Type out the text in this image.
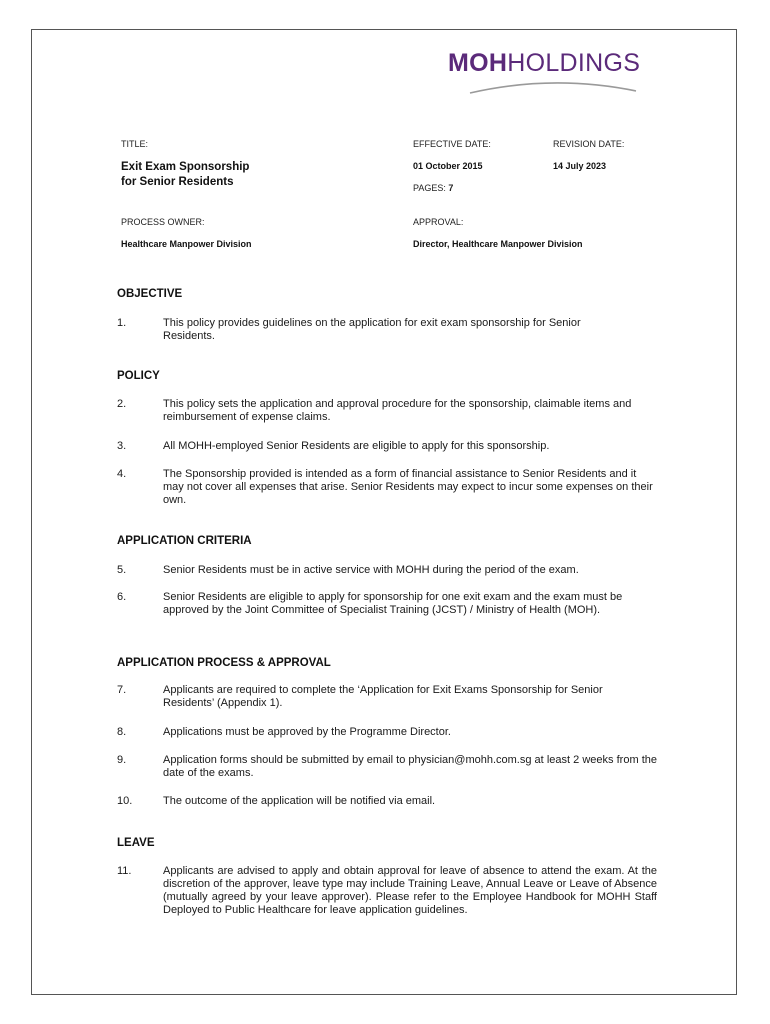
MOHHOLDINGS
TITLE:
Exit Exam Sponsorship
for Senior Residents
EFFECTIVE DATE:
01 October 2015
PAGES: 7
REVISION DATE:
14 July 2023
PROCESS OWNER:
Healthcare Manpower Division
APPROVAL:
Director, Healthcare Manpower Division
OBJECTIVE
1.	This policy provides guidelines on the application for exit exam sponsorship for Senior Residents.
POLICY
2.	This policy sets the application and approval procedure for the sponsorship, claimable items and reimbursement of expense claims.
3.	All MOHH-employed Senior Residents are eligible to apply for this sponsorship.
4.	The Sponsorship provided is intended as a form of financial assistance to Senior Residents and it may not cover all expenses that arise. Senior Residents may expect to incur some expenses on their own.
APPLICATION CRITERIA
5.	Senior Residents must be in active service with MOHH during the period of the exam.
6.	Senior Residents are eligible to apply for sponsorship for one exit exam and the exam must be approved by the Joint Committee of Specialist Training (JCST) / Ministry of Health (MOH).
APPLICATION PROCESS & APPROVAL
7.	Applicants are required to complete the ‘Application for Exit Exams Sponsorship for Senior Residents’ (Appendix 1).
8.	Applications must be approved by the Programme Director.
9.	Application forms should be submitted by email to physician@mohh.com.sg at least 2 weeks from the date of the exams.
10.	The outcome of the application will be notified via email.
LEAVE
11.	Applicants are advised to apply and obtain approval for leave of absence to attend the exam. At the discretion of the approver, leave type may include Training Leave, Annual Leave or Leave of Absence (mutually agreed by your leave approver). Please refer to the Employee Handbook for MOHH Staff Deployed to Public Healthcare for leave application guidelines.
